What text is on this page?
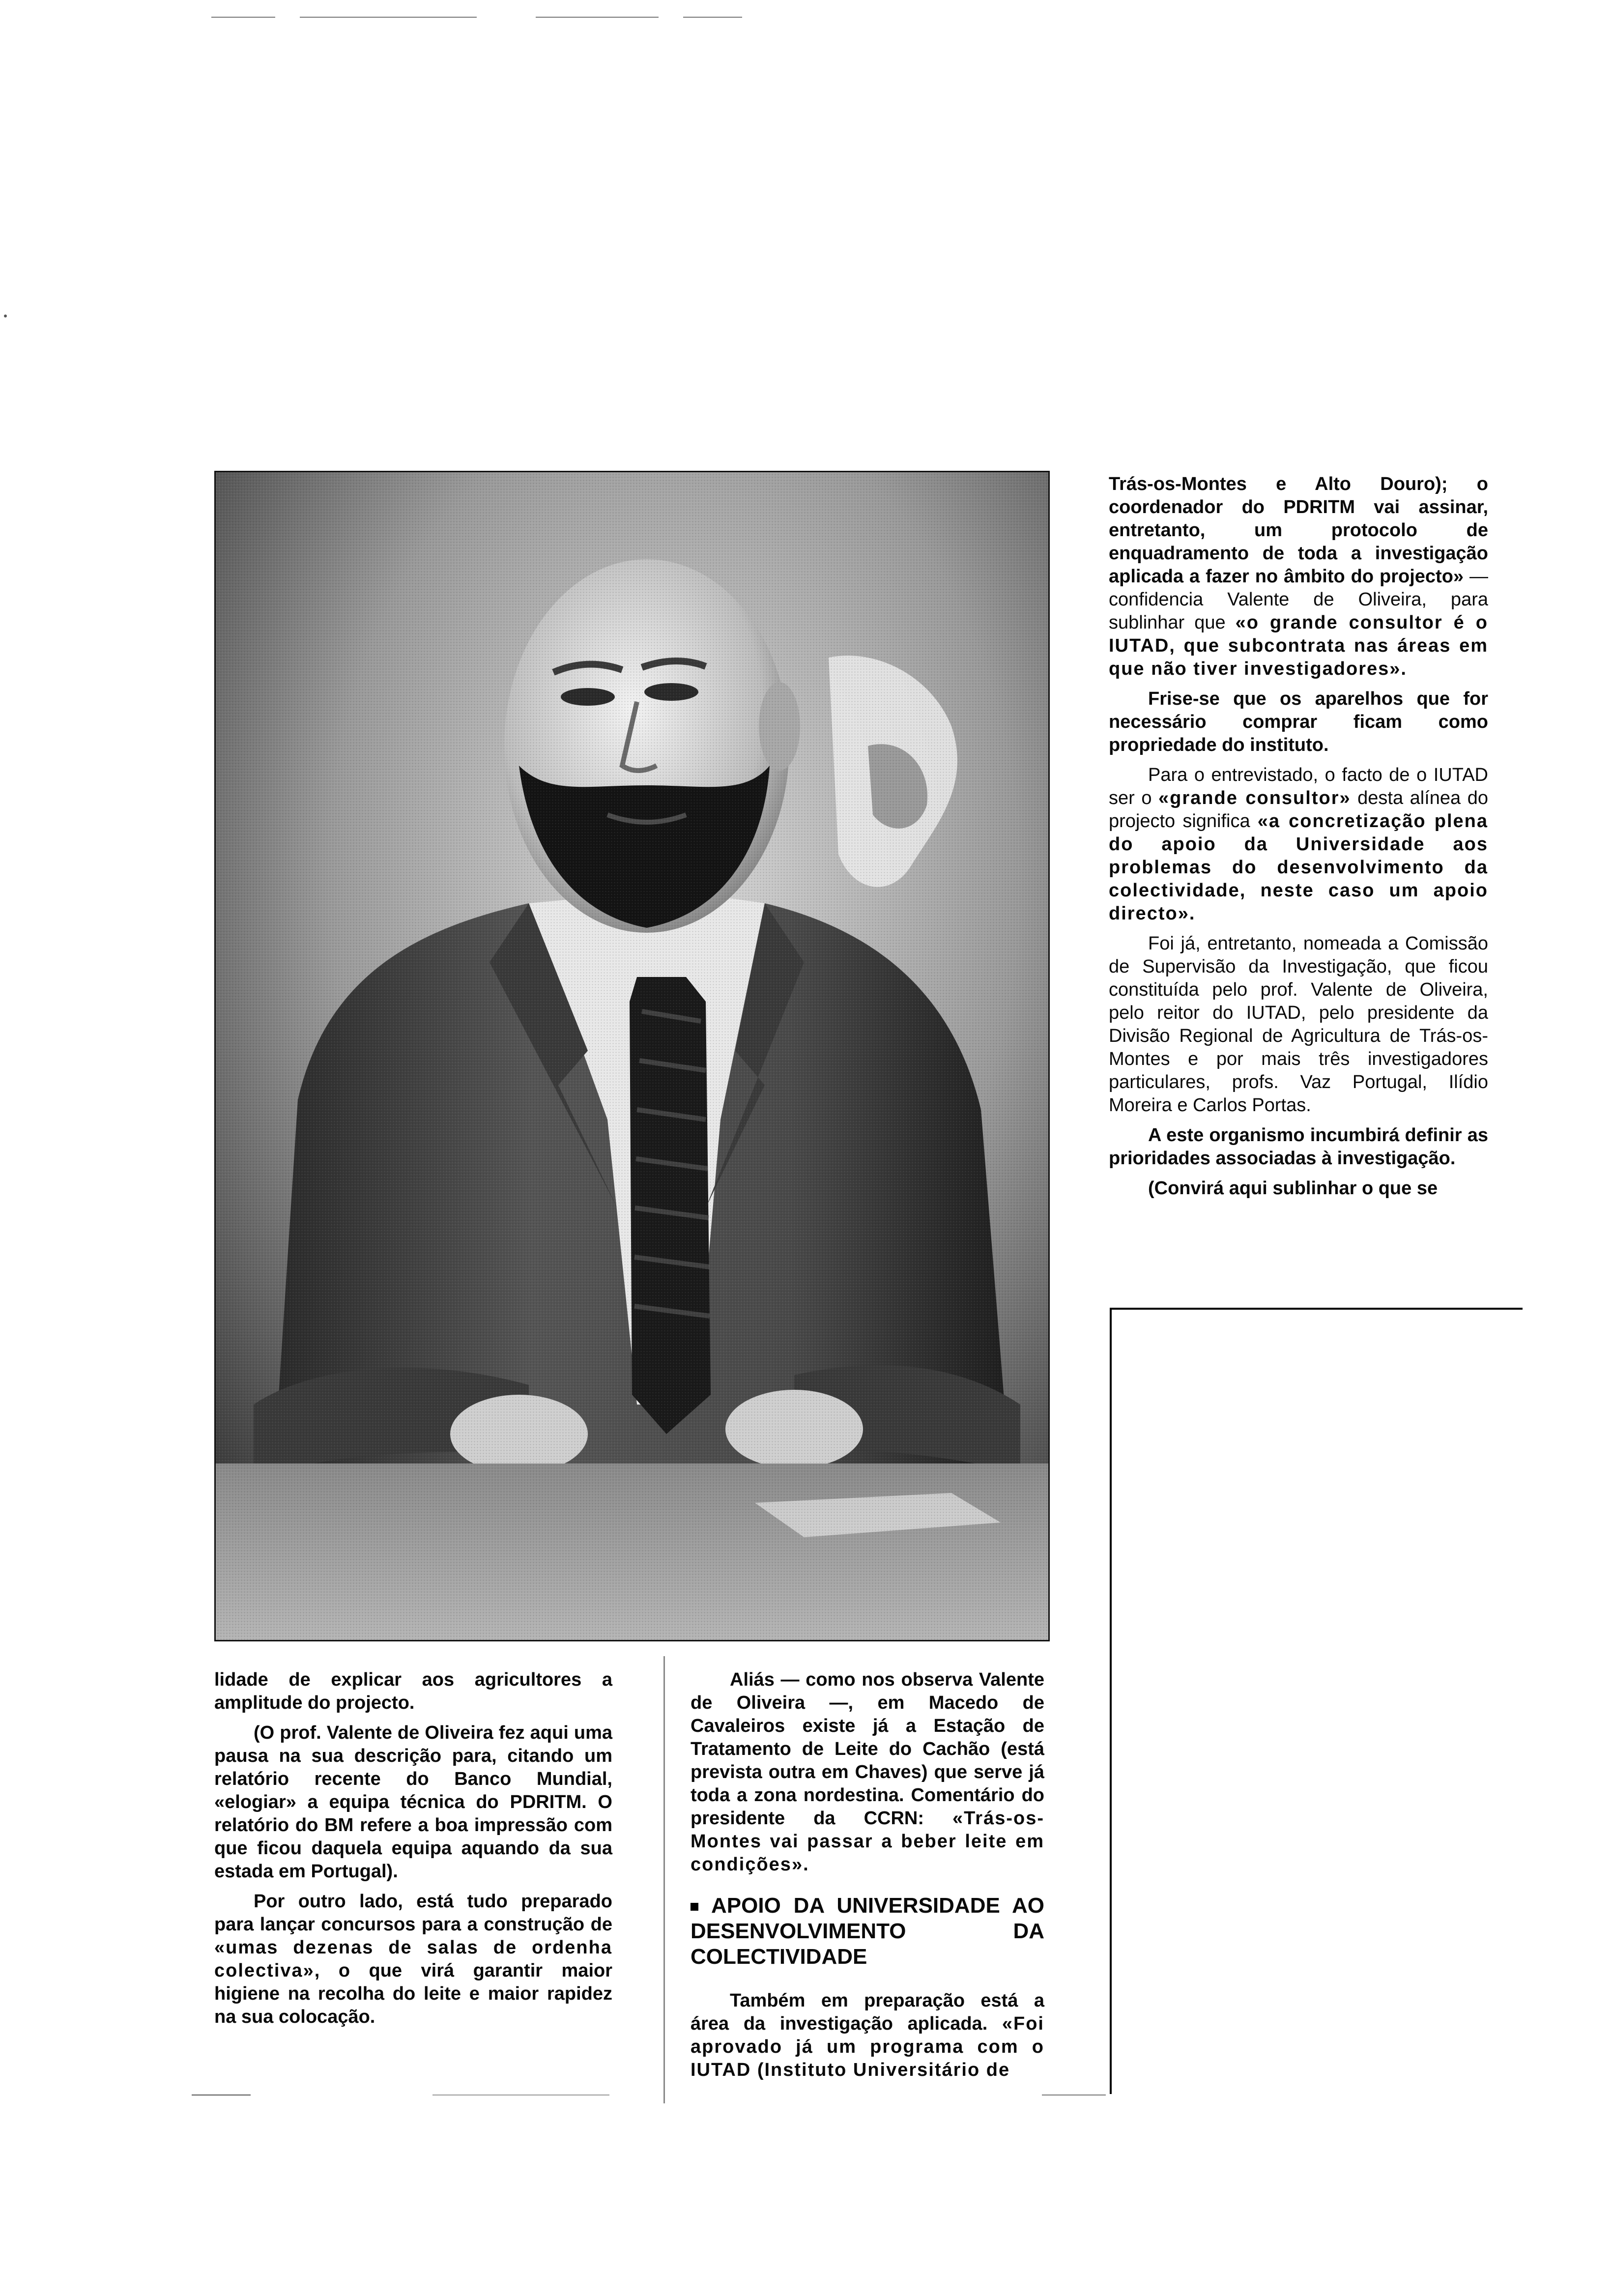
Trás-os-Montes e Alto Douro); o coordenador do PDRITM vai assinar, entretanto, um protocolo de enquadramento de toda a investigação aplicada a fazer no âmbito do projecto» — confidencia Valente de Oliveira, para sublinhar que «o grande consultor é o IUTAD, que subcontrata nas áreas em que não tiver investigadores».

Frise-se que os aparelhos que for necessário comprar ficam como propriedade do instituto.

Para o entrevistado, o facto de o IUTAD ser o «grande consultor» desta alínea do projecto significa «a concretização plena do apoio da Universidade aos problemas do desenvolvimento da colectividade, neste caso um apoio directo».

Foi já, entretanto, nomeada a Comissão de Supervisão da Investigação, que ficou constituída pelo prof. Valente de Oliveira, pelo reitor do IUTAD, pelo presidente da Divisão Regional de Agricultura de Trás-os-Montes e por mais três investigadores particulares, profs. Vaz Portugal, Ilídio Moreira e Carlos Portas.

A este organismo incumbirá definir as prioridades associadas à investigação.

(Convirá aqui sublinhar o que se

lidade de explicar aos agricultores a amplitude do projecto.

(O prof. Valente de Oliveira fez aqui uma pausa na sua descrição para, citando um relatório recente do Banco Mundial, «elogiar» a equipa técnica do PDRITM. O relatório do BM refere a boa impressão com que ficou daquela equipa aquando da sua estada em Portugal).

Por outro lado, está tudo preparado para lançar concursos para a construção de «umas dezenas de salas de ordenha colectiva», o que virá garantir maior higiene na recolha do leite e maior rapidez na sua colocação.

Aliás — como nos observa Valente de Oliveira —, em Macedo de Cavaleiros existe já a Estação de Tratamento de Leite do Cachão (está prevista outra em Chaves) que serve já toda a zona nordestina. Comentário do presidente da CCRN: «Trás-os-Montes vai passar a beber leite em condições».

APOIO DA UNIVERSIDADE AO DESENVOLVIMENTO DA COLECTIVIDADE

Também em preparação está a área da investigação aplicada. «Foi aprovado já um programa com o IUTAD (Instituto Universitário de
